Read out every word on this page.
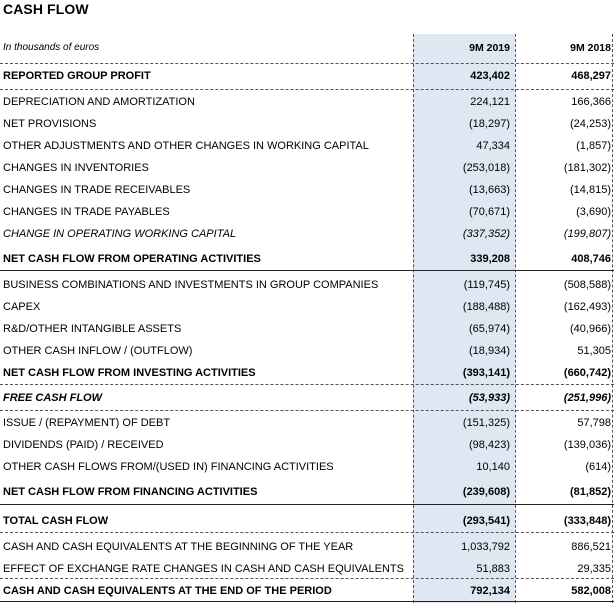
CASH FLOW
In thousands of euros	9M 2019	9M 2018
REPORTED GROUP PROFIT	423,402	468,297
DEPRECIATION AND AMORTIZATION	224,121	166,366
NET PROVISIONS	(18,297)	(24,253)
OTHER ADJUSTMENTS AND OTHER CHANGES IN WORKING CAPITAL	47,334	(1,857)
CHANGES IN INVENTORIES	(253,018)	(181,302)
CHANGES IN TRADE RECEIVABLES	(13,663)	(14,815)
CHANGES IN TRADE PAYABLES	(70,671)	(3,690)
CHANGE IN OPERATING WORKING CAPITAL	(337,352)	(199,807)
NET CASH FLOW FROM OPERATING ACTIVITIES	339,208	408,746
BUSINESS COMBINATIONS AND INVESTMENTS IN GROUP COMPANIES	(119,745)	(508,588)
CAPEX	(188,488)	(162,493)
R&D/OTHER INTANGIBLE ASSETS	(65,974)	(40,966)
OTHER CASH INFLOW / (OUTFLOW)	(18,934)	51,305
NET CASH FLOW FROM INVESTING ACTIVITIES	(393,141)	(660,742)
FREE CASH FLOW	(53,933)	(251,996)
ISSUE / (REPAYMENT) OF DEBT	(151,325)	57,798
DIVIDENDS (PAID) / RECEIVED	(98,423)	(139,036)
OTHER CASH FLOWS FROM/(USED IN) FINANCING ACTIVITIES	10,140	(614)
NET CASH FLOW FROM FINANCING ACTIVITIES	(239,608)	(81,852)
TOTAL CASH FLOW	(293,541)	(333,848)
CASH AND CASH EQUIVALENTS AT THE BEGINNING OF THE YEAR	1,033,792	886,521
EFFECT OF EXCHANGE RATE CHANGES IN CASH AND CASH EQUIVALENTS	51,883	29,335
CASH AND CASH EQUIVALENTS AT THE END OF THE PERIOD	792,134	582,008
